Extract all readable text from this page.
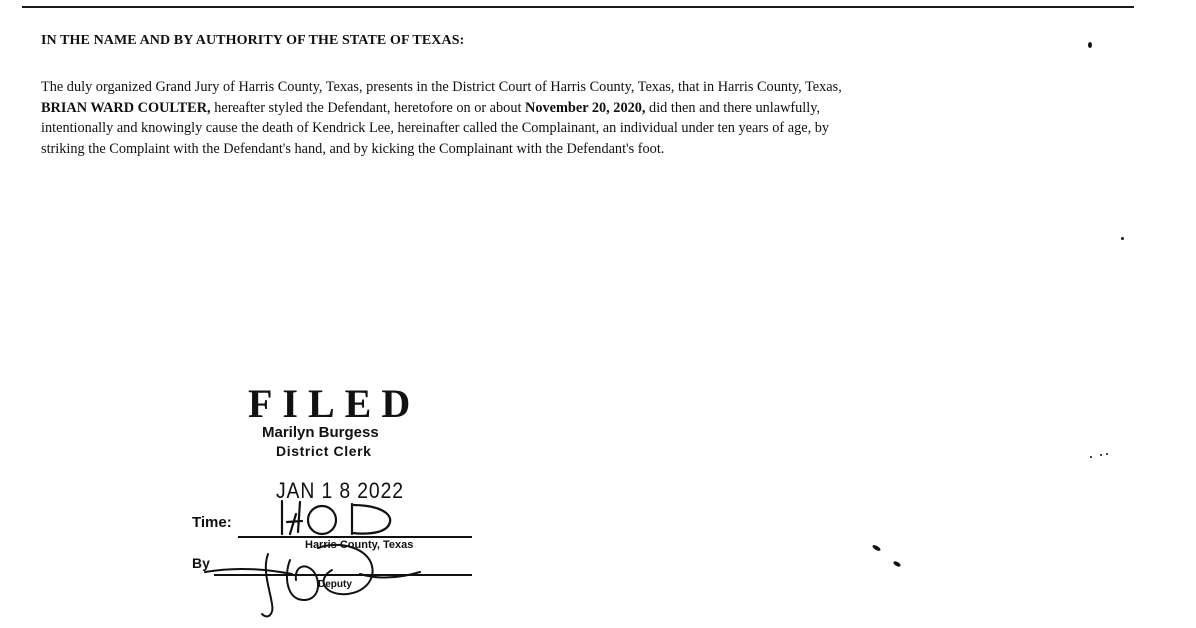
IN THE NAME AND BY AUTHORITY OF THE STATE OF TEXAS:
The duly organized Grand Jury of Harris County, Texas, presents in the District Court of Harris County, Texas, that in Harris County, Texas,
BRIAN WARD COULTER, hereafter styled the Defendant, heretofore on or about November 20, 2020, did then and there unlawfully,
intentionally and knowingly cause the death of Kendrick Lee, hereinafter called the Complainant, an individual under ten years of age, by
striking the Complaint with the Defendant's hand, and by kicking the Complainant with the Defendant's foot.
FILED
Marilyn Burgess
District Clerk
JAN 1 8 2022
Time:
Harris County, Texas
By
Deputy
